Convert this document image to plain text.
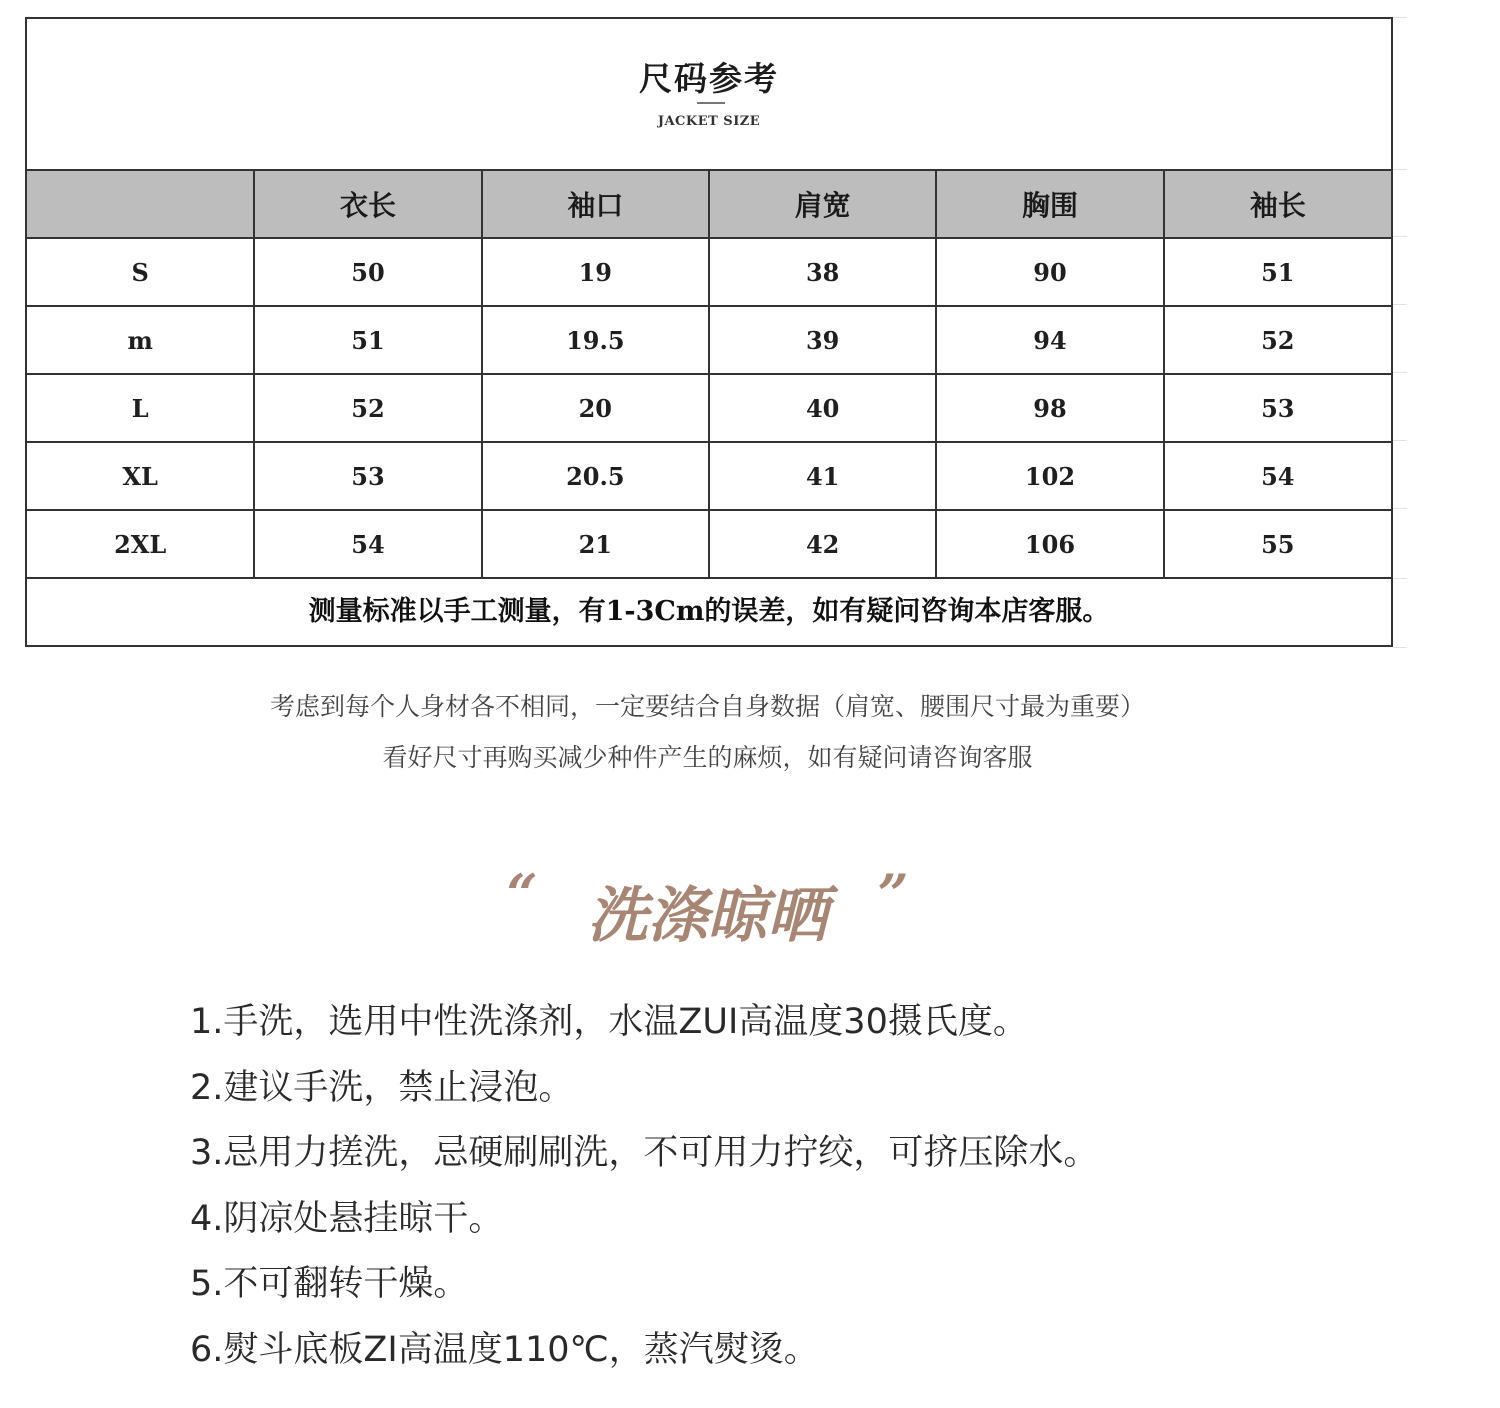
尺码参考
JACKET SIZE
	衣长	袖口	肩宽	胸围	袖长
S	50	19	38	90	51
m	51	19.5	39	94	52
L	52	20	40	98	53
XL	53	20.5	41	102	54
2XL	54	21	42	106	55
测量标准以手工测量，有1-3Cm的误差，如有疑问咨询本店客服。
考虑到每个人身材各不相同，一定要结合自身数据（肩宽、腰围尺寸最为重要）
看好尺寸再购买减少种件产生的麻烦，如有疑问请咨询客服
“ 洗涤晾晒 ”
1.手洗，选用中性洗涤剂，水温ZUI高温度30摄氏度。
2.建议手洗，禁止浸泡。
3.忌用力搓洗，忌硬刷刷洗，不可用力拧绞，可挤压除水。
4.阴凉处悬挂晾干。
5.不可翻转干燥。
6.熨斗底板ZI高温度110℃，蒸汽熨烫。
